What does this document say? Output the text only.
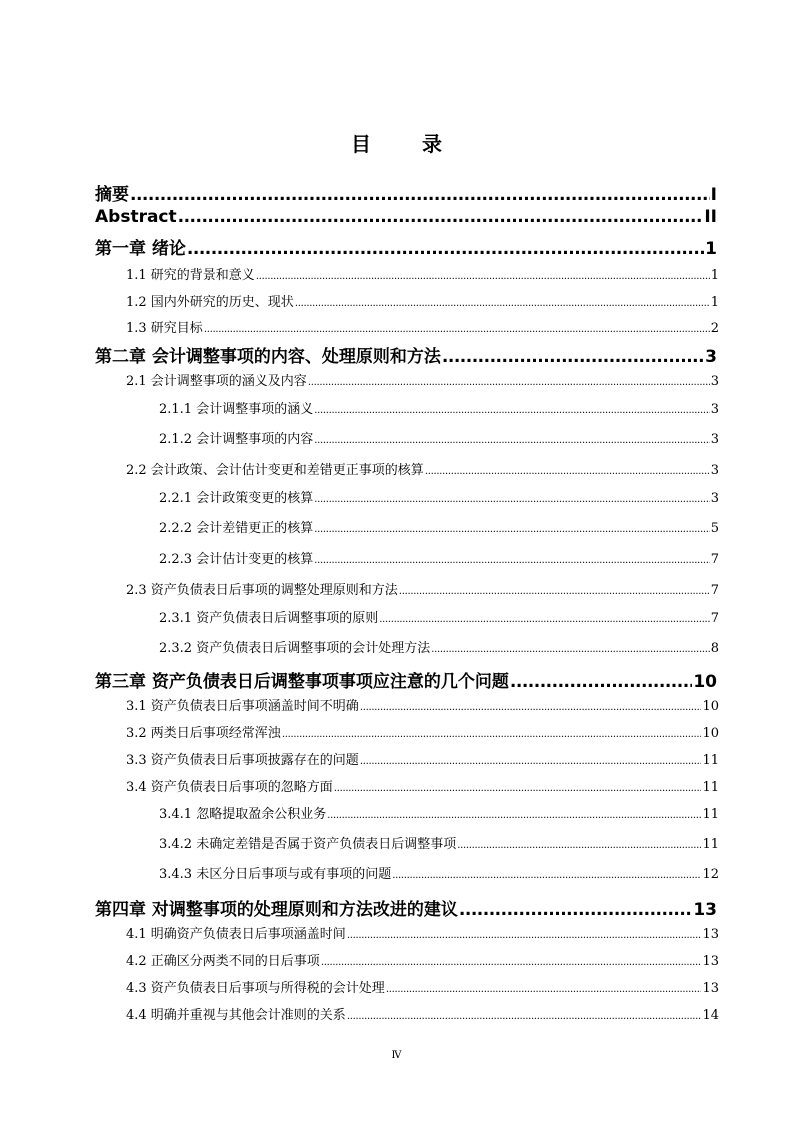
目 录
摘要 .....	I
Abstract .....	II
第一章 绪论 .....	1
1.1 研究的背景和意义 .....	1
1.2 国内外研究的历史、现状 .....	1
1.3 研究目标 .....	2
第二章 会计调整事项的内容、处理原则和方法 .....	3
2.1 会计调整事项的涵义及内容 .....	3
2.1.1 会计调整事项的涵义 .....	3
2.1.2 会计调整事项的内容 .....	3
2.2 会计政策、会计估计变更和差错更正事项的核算 .....	3
2.2.1 会计政策变更的核算 .....	3
2.2.2 会计差错更正的核算 .....	5
2.2.3 会计估计变更的核算 .....	7
2.3 资产负债表日后事项的调整处理原则和方法 .....	7
2.3.1 资产负债表日后调整事项的原则 .....	7
2.3.2 资产负债表日后调整事项的会计处理方法 .....	8
第三章 资产负债表日后调整事项事项应注意的几个问题 .....	10
3.1 资产负债表日后事项涵盖时间不明确 .....	10
3.2 两类日后事项经常浑浊 .....	10
3.3 资产负债表日后事项披露存在的问题 .....	11
3.4 资产负债表日后事项的忽略方面 .....	11
3.4.1 忽略提取盈余公积业务 .....	11
3.4.2 未确定差错是否属于资产负债表日后调整事项 .....	11
3.4.3 未区分日后事项与或有事项的问题 .....	12
第四章 对调整事项的处理原则和方法改进的建议 .....	13
4.1 明确资产负债表日后事项涵盖时间 .....	13
4.2 正确区分两类不同的日后事项 .....	13
4.3 资产负债表日后事项与所得税的会计处理 .....	13
4.4 明确并重视与其他会计准则的关系 .....	14
Ⅳ
